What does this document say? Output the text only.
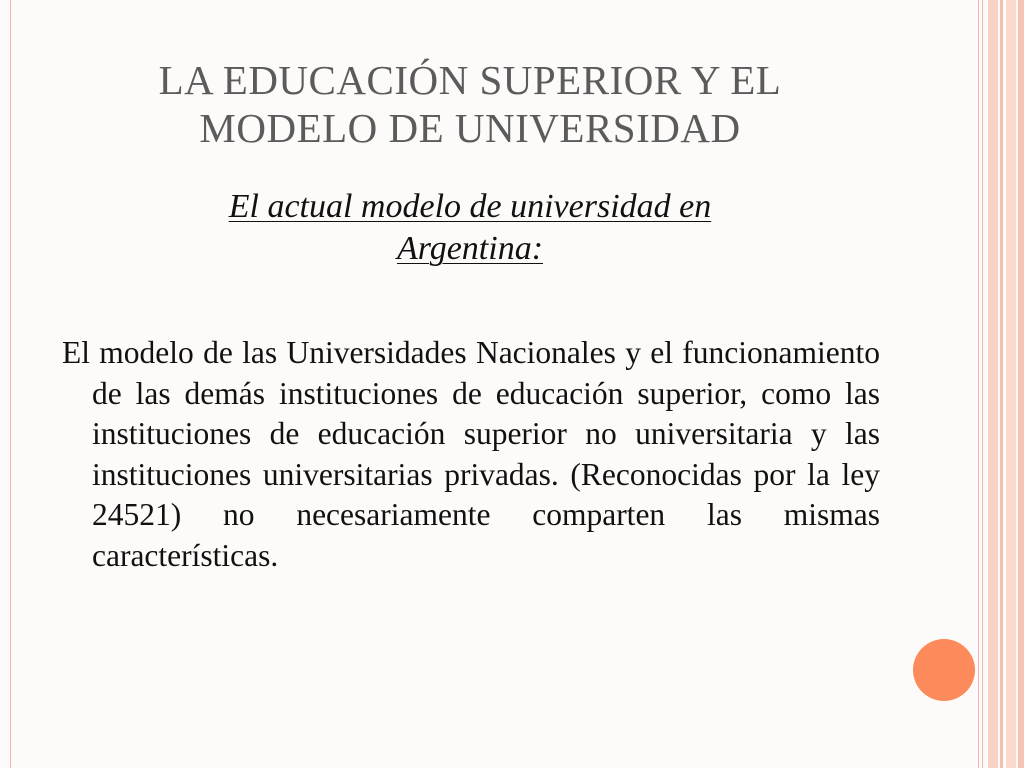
LA EDUCACIÓN SUPERIOR Y EL
MODELO DE UNIVERSIDAD
El actual modelo de universidad en
Argentina:

El modelo de las Universidades Nacionales y el funcionamiento de las demás instituciones de educación superior, como las instituciones de educación superior no universitaria y las instituciones universitarias privadas. (Reconocidas por la ley 24521) no necesariamente comparten las mismas características.
